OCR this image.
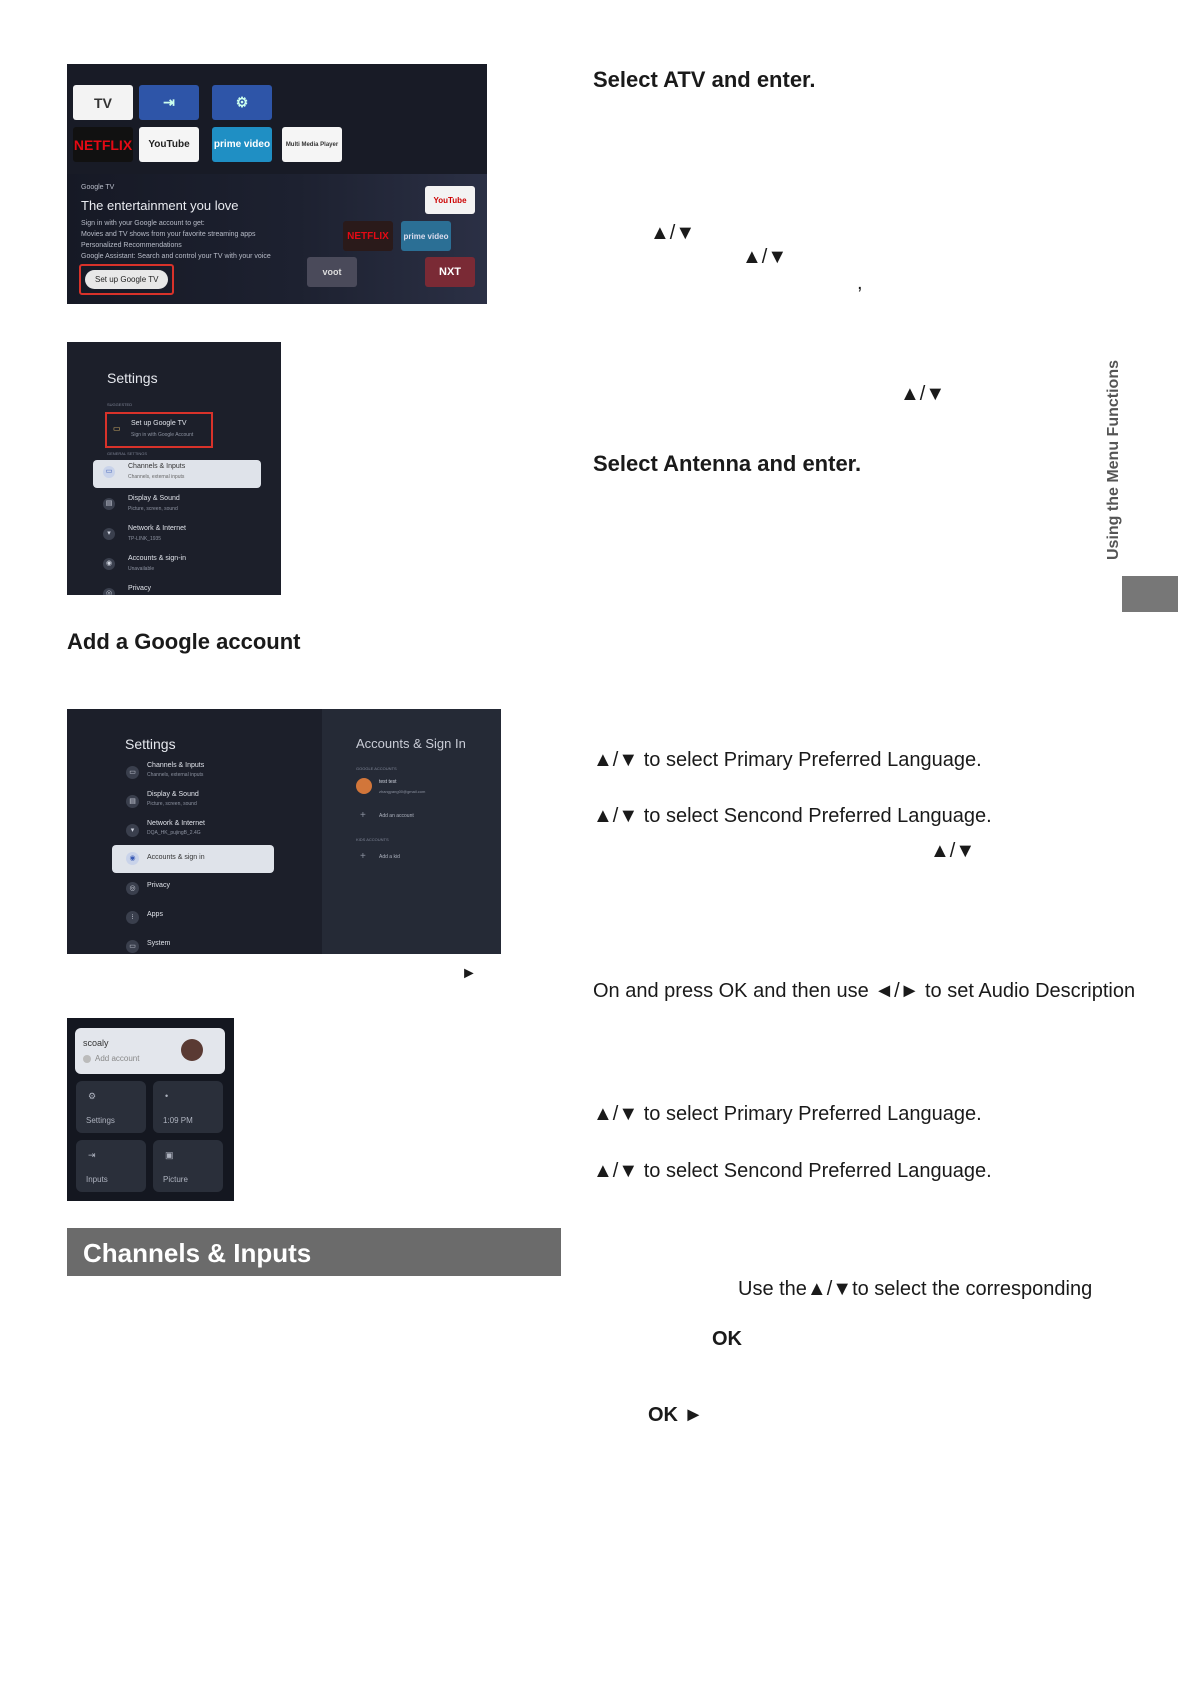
TV	⇥	⚙
NETFLIX YouTube prime video	Multi Media Player
Google TV
The entertainment you love
Sign in with your Google account to get:
Movies and TV shows from your favorite streaming apps
Personalized Recommendations
Google Assistant: Search and control your TV with your voice
Set up Google TV
YouTube
NETFLIX prime video
voot	NXT
Settings
SUGGESTED
▭
Set up Google TV
Sign in with Google Account
GENERAL SETTINGS
▭
Channels & Inputs
Channels, external inputs
▤
Display & Sound
Picture, screen, sound
▾
Network & Internet
TP-LINK_1935
◉
Accounts & sign-in
Unavailable
◎
Privacy
Add a Google account
Settings
▭
Channels & Inputs
Channels, external inputs
▤
Display & Sound
Picture, screen, sound
▾
Network & Internet
DQA_HK_pujingB_2.4G
◉	Accounts & sign in
◎	Privacy
⁝	Apps
▭	System
Accounts & Sign In
GOOGLE ACCOUNTS
test test
zhangyang00@gmail.com
+	Add an account
KIDS ACCOUNTS
+	Add a kid
►
scoaly
Add account
⚙
Settings
•
1:09 PM
⇥
Inputs
▣
Picture
Channels & Inputs
Select ATV and enter.
▲/▼
▲/▼
,
▲/▼
Select Antenna and enter.
▲/▼ to select Primary Preferred Language.
▲/▼ to select Sencond Preferred Language.
▲/▼
On and press OK and then use ◄/► to set Audio Description
▲/▼ to select Primary Preferred Language.
▲/▼ to select Sencond Preferred Language.
Use the▲/▼to select the corresponding
OK
OK ►
Using the Menu Functions
